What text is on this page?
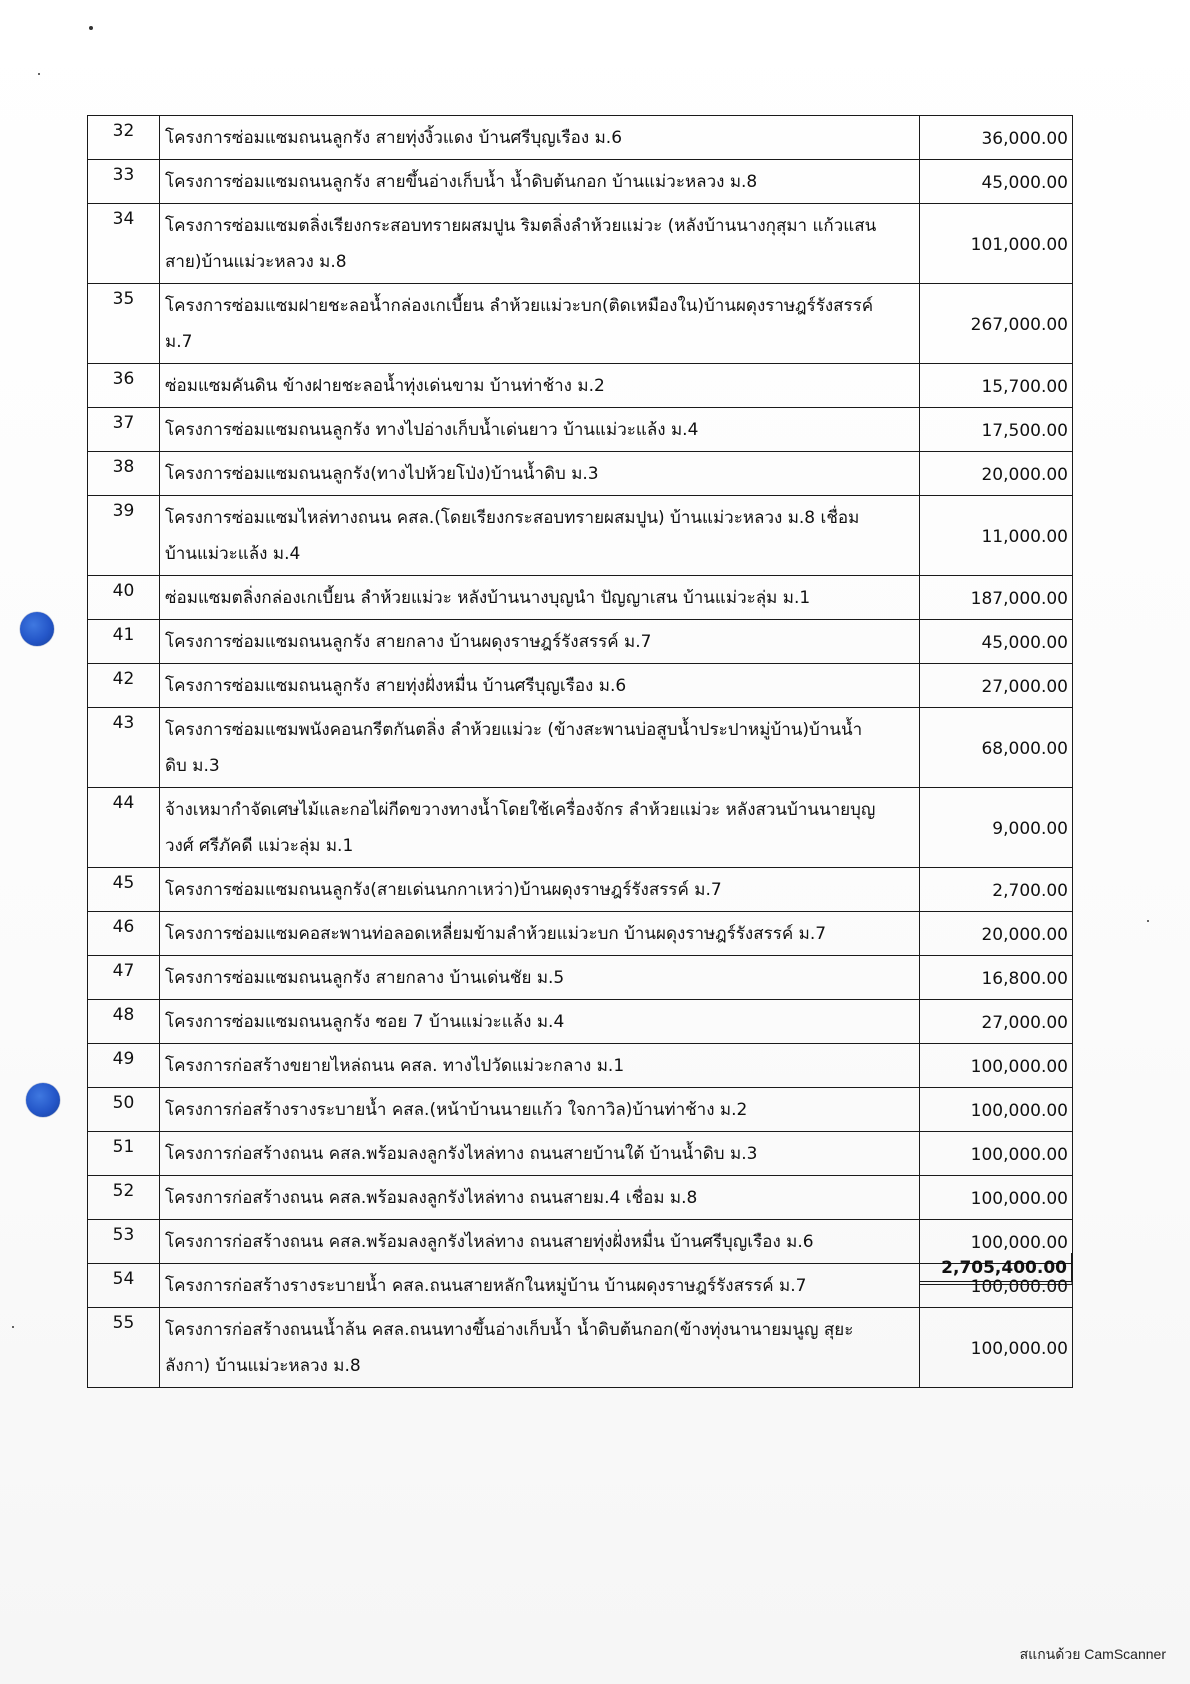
32	โครงการซ่อมแซมถนนลูกรัง สายทุ่งงิ้วแดง บ้านศรีบุญเรือง ม.6	36,000.00
33	โครงการซ่อมแซมถนนลูกรัง สายขึ้นอ่างเก็บน้ำ น้ำดิบต้นกอก บ้านแม่วะหลวง ม.8	45,000.00
34	โครงการซ่อมแซมตลิ่งเรียงกระสอบทรายผสมปูน ริมตลิ่งลำห้วยแม่วะ (หลังบ้านนางกุสุมา แก้วแสน
สาย)บ้านแม่วะหลวง ม.8	101,000.00
35	โครงการซ่อมแซมฝายชะลอน้ำกล่องเกเบี้ยน ลำห้วยแม่วะบก(ติดเหมืองใน)บ้านผดุงราษฎร์รังสรรค์
ม.7	267,000.00
36	ซ่อมแซมคันดิน ข้างฝายชะลอน้ำทุ่งเด่นขาม บ้านท่าช้าง ม.2	15,700.00
37	โครงการซ่อมแซมถนนลูกรัง ทางไปอ่างเก็บน้ำเด่นยาว บ้านแม่วะแล้ง ม.4	17,500.00
38	โครงการซ่อมแซมถนนลูกรัง(ทางไปห้วยโป่ง)บ้านน้ำดิบ ม.3	20,000.00
39	โครงการซ่อมแซมไหล่ทางถนน คสล.(โดยเรียงกระสอบทรายผสมปูน) บ้านแม่วะหลวง ม.8 เชื่อม
บ้านแม่วะแล้ง ม.4	11,000.00
40	ซ่อมแซมตลิ่งกล่องเกเบี้ยน ลำห้วยแม่วะ หลังบ้านนางบุญนำ ปัญญาเสน บ้านแม่วะลุ่ม ม.1	187,000.00
41	โครงการซ่อมแซมถนนลูกรัง สายกลาง บ้านผดุงราษฎร์รังสรรค์ ม.7	45,000.00
42	โครงการซ่อมแซมถนนลูกรัง สายทุ่งฝั่งหมื่น บ้านศรีบุญเรือง ม.6	27,000.00
43	โครงการซ่อมแซมพนังคอนกรีตกันตลิ่ง ลำห้วยแม่วะ (ข้างสะพานบ่อสูบน้ำประปาหมู่บ้าน)บ้านน้ำ
ดิบ ม.3	68,000.00
44	จ้างเหมากำจัดเศษไม้และกอไผ่กีดขวางทางน้ำโดยใช้เครื่องจักร ลำห้วยแม่วะ หลังสวนบ้านนายบุญ
วงศ์ ศรีภัคดี แม่วะลุ่ม ม.1	9,000.00
45	โครงการซ่อมแซมถนนลูกรัง(สายเด่นนกกาเหว่า)บ้านผดุงราษฎร์รังสรรค์ ม.7	2,700.00
46	โครงการซ่อมแซมคอสะพานท่อลอดเหลี่ยมข้ามลำห้วยแม่วะบก บ้านผดุงราษฎร์รังสรรค์ ม.7	20,000.00
47	โครงการซ่อมแซมถนนลูกรัง สายกลาง บ้านเด่นชัย ม.5	16,800.00
48	โครงการซ่อมแซมถนนลูกรัง ซอย 7 บ้านแม่วะแล้ง ม.4	27,000.00
49	โครงการก่อสร้างขยายไหล่ถนน คสล. ทางไปวัดแม่วะกลาง ม.1	100,000.00
50	โครงการก่อสร้างรางระบายน้ำ คสล.(หน้าบ้านนายแก้ว ใจกาวิล)บ้านท่าช้าง ม.2	100,000.00
51	โครงการก่อสร้างถนน คสล.พร้อมลงลูกรังไหล่ทาง ถนนสายบ้านใต้ บ้านน้ำดิบ ม.3	100,000.00
52	โครงการก่อสร้างถนน คสล.พร้อมลงลูกรังไหล่ทาง ถนนสายม.4 เชื่อม ม.8	100,000.00
53	โครงการก่อสร้างถนน คสล.พร้อมลงลูกรังไหล่ทาง ถนนสายทุ่งฝั่งหมื่น บ้านศรีบุญเรือง ม.6	100,000.00
54	โครงการก่อสร้างรางระบายน้ำ คสล.ถนนสายหลักในหมู่บ้าน บ้านผดุงราษฎร์รังสรรค์ ม.7	100,000.00
55	โครงการก่อสร้างถนนน้ำล้น คสล.ถนนทางขึ้นอ่างเก็บน้ำ น้ำดิบต้นกอก(ข้างทุ่งนานายมนูญ สุยะ
ลังกา) บ้านแม่วะหลวง ม.8	100,000.00
2,705,400.00
สแกนด้วย CamScanner
